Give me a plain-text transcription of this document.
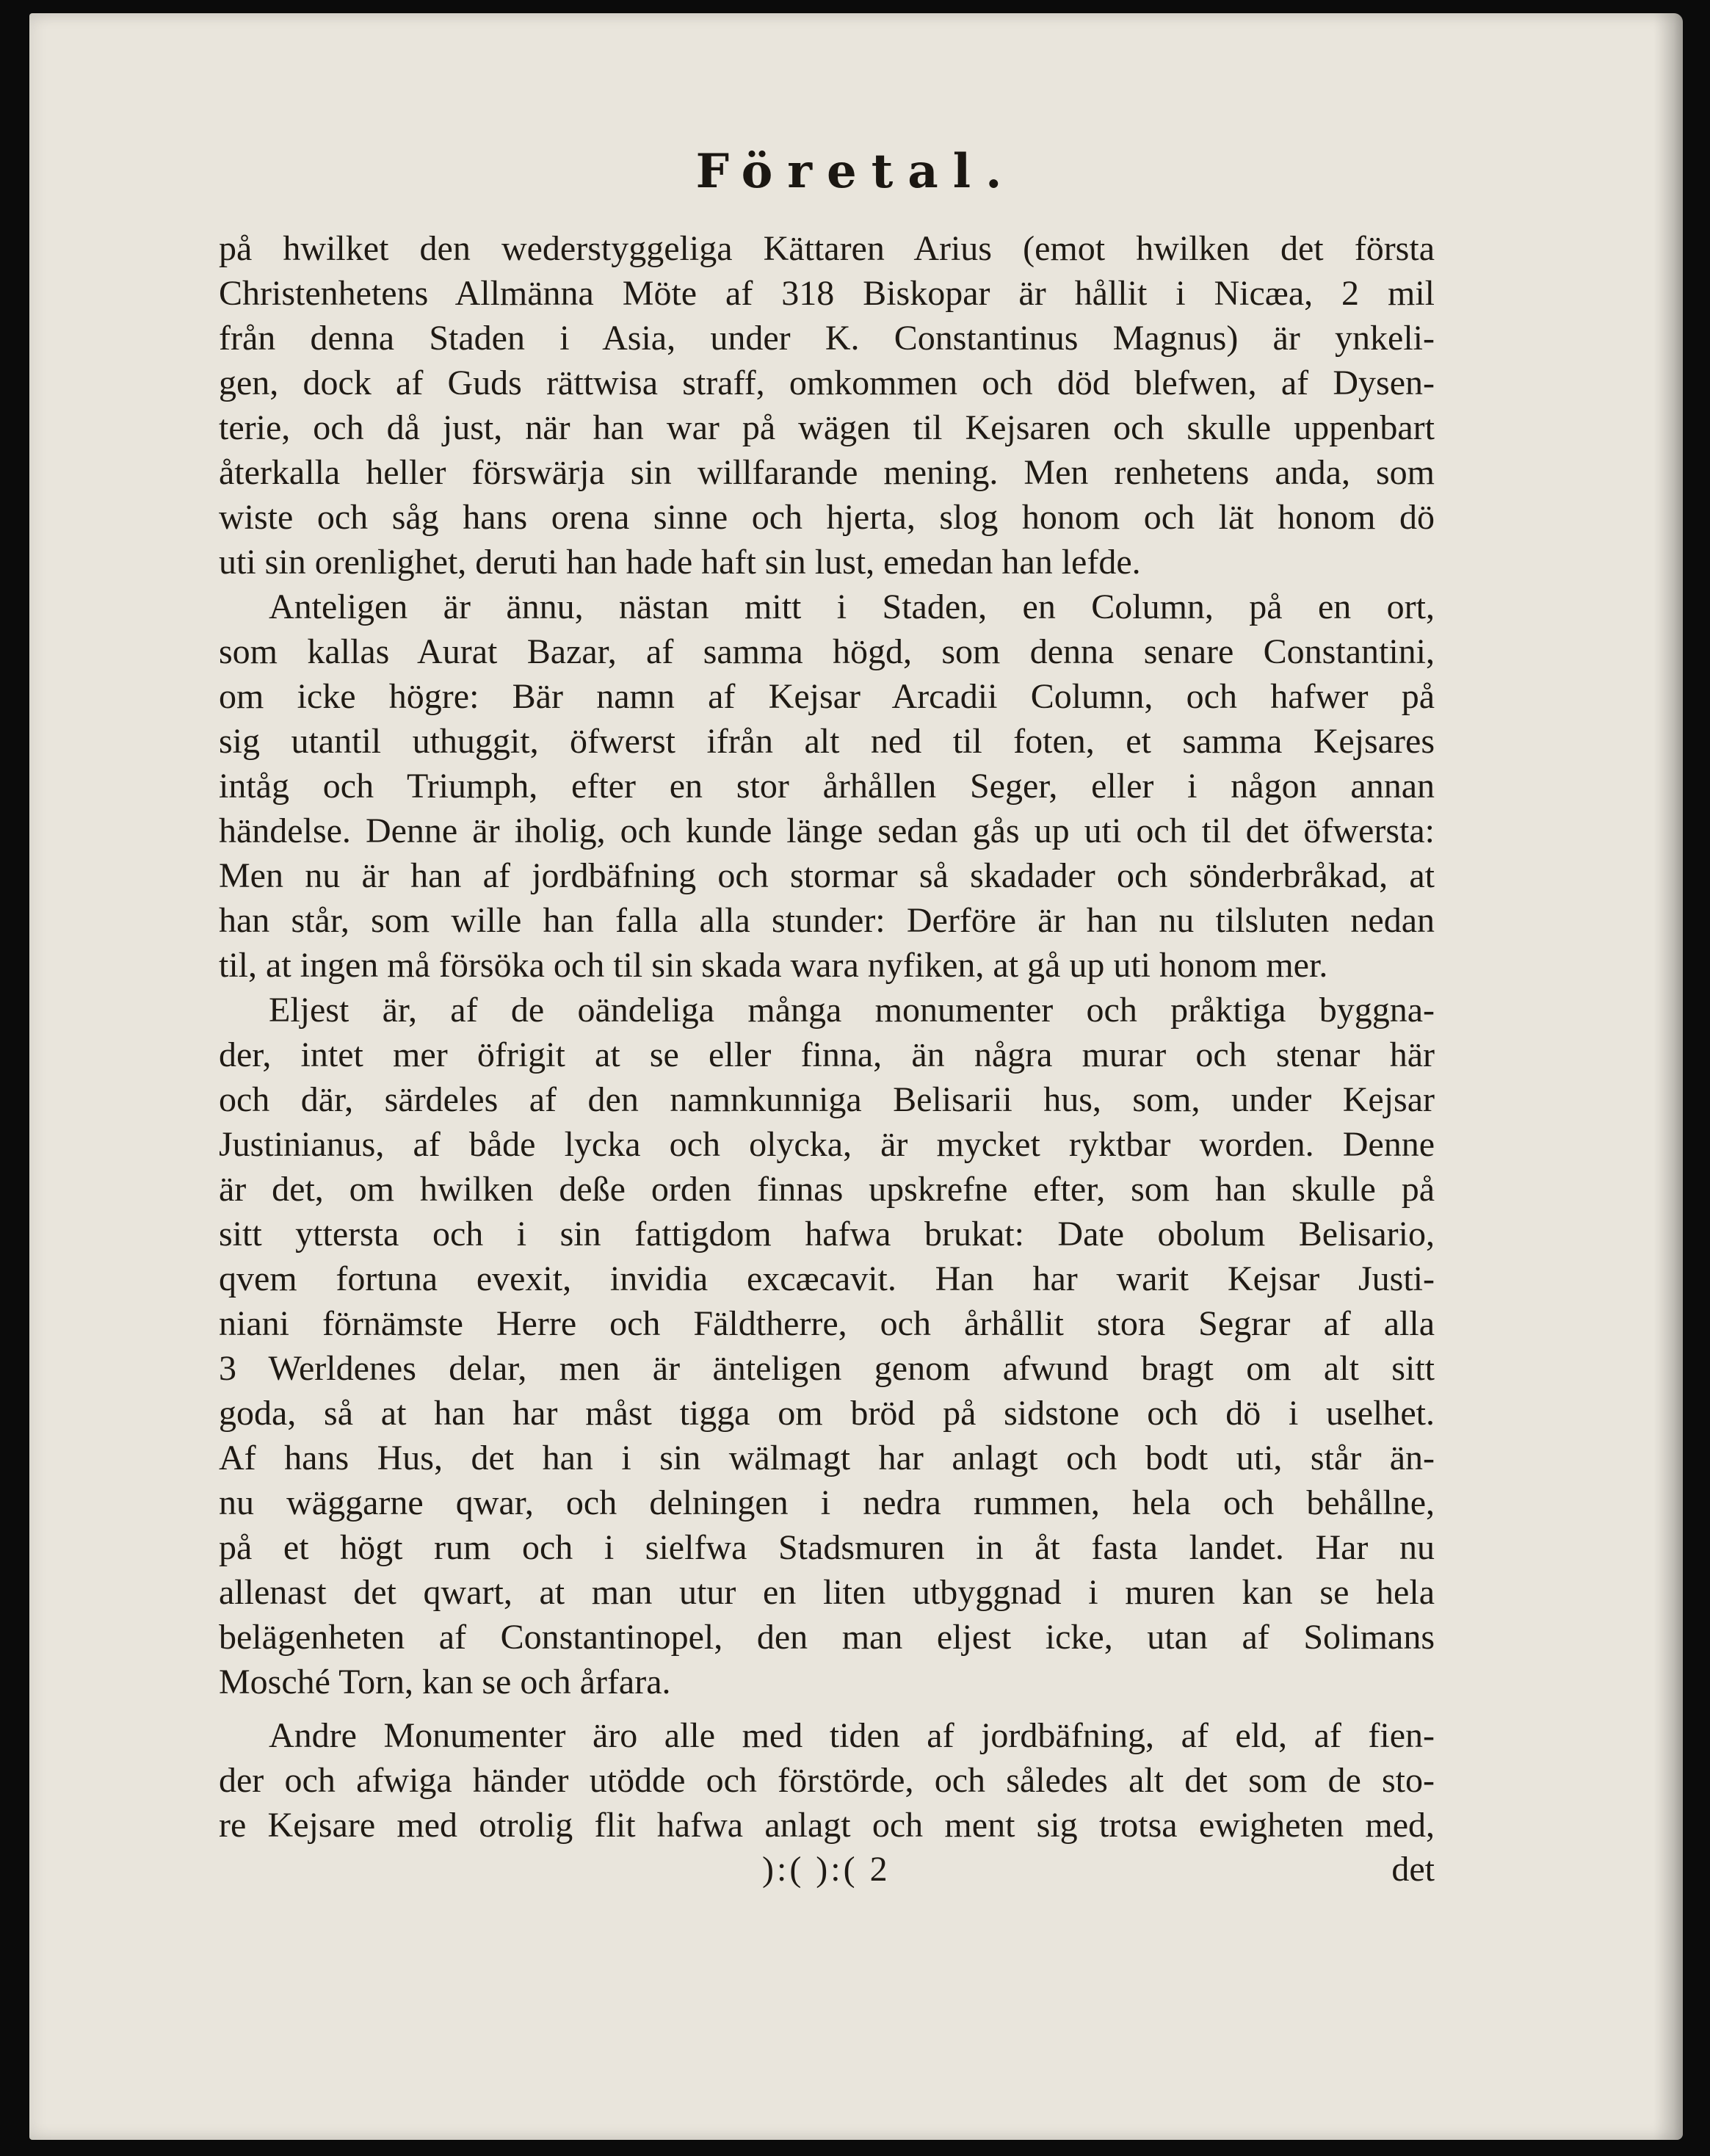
Företal.
på hwilket den wederstyggeliga Kättaren Arius (emot hwilken det första
Christenhetens Allmänna Möte af 318 Biskopar är hållit i Nicæa, 2 mil
från denna Staden i Asia, under K. Constantinus Magnus) är ynkeli-
gen, dock af Guds rättwisa straff, omkommen och död blefwen, af Dysen-
terie, och då just, när han war på wägen til Kejsaren och skulle uppenbart
återkalla heller förswärja sin willfarande mening. Men renhetens anda, som
wiste och såg hans orena sinne och hjerta, slog honom och lät honom dö
uti sin orenlighet, deruti han hade haft sin lust, emedan han lefde.
Anteligen är ännu, nästan mitt i Staden, en Column, på en ort,
som kallas Aurat Bazar, af samma högd, som denna senare Constantini,
om icke högre: Bär namn af Kejsar Arcadii Column, och hafwer på
sig utantil uthuggit, öfwerst ifrån alt ned til foten, et samma Kejsares
intåg och Triumph, efter en stor århållen Seger, eller i någon annan
händelse. Denne är iholig, och kunde länge sedan gås up uti och til det öfwersta:
Men nu är han af jordbäfning och stormar så skadader och sönderbråkad, at
han står, som wille han falla alla stunder: Derföre är han nu tilsluten nedan
til, at ingen må försöka och til sin skada wara nyfiken, at gå up uti honom mer.
Eljest är, af de oändeliga många monumenter och pråktiga byggna-
der, intet mer öfrigit at se eller finna, än några murar och stenar här
och där, särdeles af den namnkunniga Belisarii hus, som, under Kejsar
Justinianus, af både lycka och olycka, är mycket ryktbar worden. Denne
är det, om hwilken deße orden finnas upskrefne efter, som han skulle på
sitt yttersta och i sin fattigdom hafwa brukat: Date obolum Belisario,
qvem fortuna evexit, invidia excæcavit. Han har warit Kejsar Justi-
niani förnämste Herre och Fäldtherre, och århållit stora Segrar af alla
3 Werldenes delar, men är änteligen genom afwund bragt om alt sitt
goda, så at han har måst tigga om bröd på sidstone och dö i uselhet.
Af hans Hus, det han i sin wälmagt har anlagt och bodt uti, står än-
nu wäggarne qwar, och delningen i nedra rummen, hela och behållne,
på et högt rum och i sielfwa Stadsmuren in åt fasta landet. Har nu
allenast det qwart, at man utur en liten utbyggnad i muren kan se hela
belägenheten af Constantinopel, den man eljest icke, utan af Solimans
Mosché Torn, kan se och årfara.
Andre Monumenter äro alle med tiden af jordbäfning, af eld, af fien-
der och afwiga händer utödde och förstörde, och således alt det som de sto-
re Kejsare med otrolig flit hafwa anlagt och ment sig trotsa ewigheten med,
):( ):( 2	det
